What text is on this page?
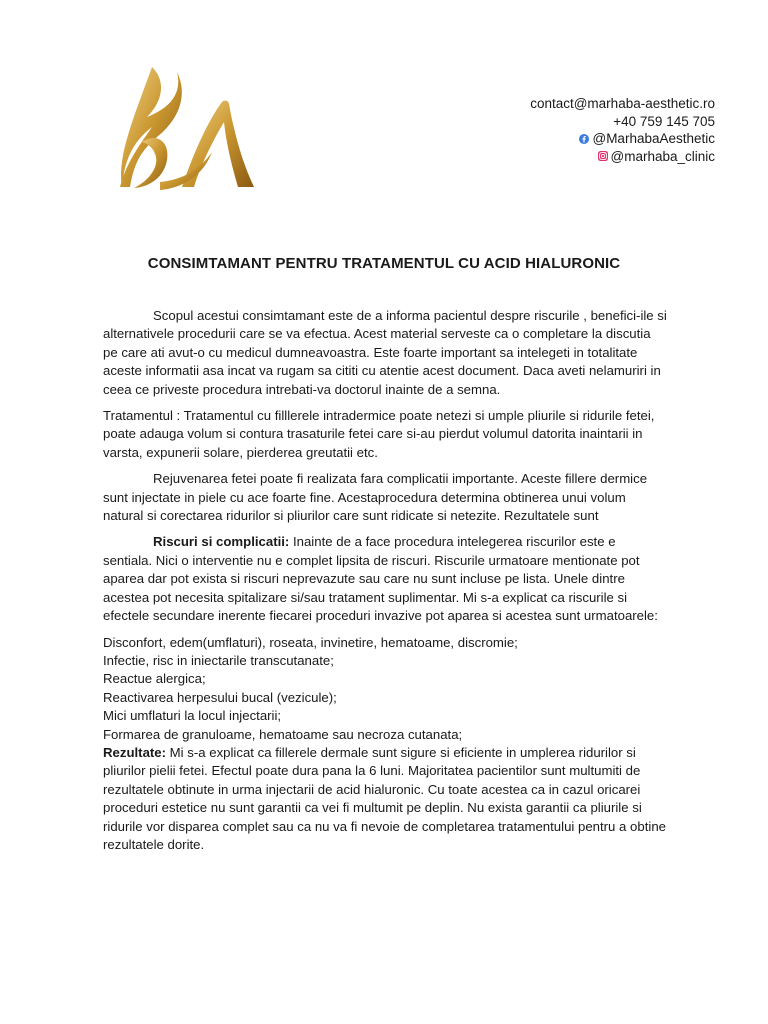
contact@marhaba-aesthetic.ro
+40 759 145 705
@MarhabaAesthetic
@marhaba_clinic
CONSIMTAMANT PENTRU TRATAMENTUL CU ACID HIALURONIC

Scopul acestui consimtamant este de a informa pacientul despre riscurile , benefici-ile si alternativele procedurii care se va efectua. Acest material serveste ca o completare la discutia pe care ati avut-o cu medicul dumneavoastra. Este foarte important sa intelegeti in totalitate aceste informatii asa incat va rugam sa cititi cu atentie acest document. Daca aveti nelamuriri in ceea ce priveste procedura intrebati-va doctorul inainte de a semna.

Tratamentul : Tratamentul cu filllerele intradermice poate netezi si umple pliurile si ridurile fetei, poate adauga volum si contura trasaturile fetei care si-au pierdut volumul datorita inaintarii in varsta, expunerii solare, pierderea greutatii etc.

Rejuvenarea fetei poate fi realizata fara complicatii importante. Aceste fillere dermice sunt injectate in piele cu ace foarte fine. Acestaprocedura determina obtinerea unui volum natural si corectarea ridurilor si pliurilor care sunt ridicate si netezite. Rezultatele sunt

Riscuri si complicatii: Inainte de a face procedura intelegerea riscurilor este e sentiala. Nici o interventie nu e complet lipsita de riscuri. Riscurile urmatoare mentionate pot aparea dar pot exista si riscuri neprevazute sau care nu sunt incluse pe lista. Unele dintre acestea pot necesita spitalizare si/sau tratament suplimentar. Mi s-a explicat ca riscurile si efectele secundare inerente fiecarei proceduri invazive pot aparea si acestea sunt urmatoarele:

Disconfort, edem(umflaturi), roseata, invinetire, hematoame, discromie;
Infectie, risc in iniectarile transcutanate;
Reactue alergica;
Reactivarea herpesului bucal (vezicule);
Mici umflaturi la locul injectarii;
Formarea de granuloame, hematoame sau necroza cutanata;

Rezultate: Mi s-a explicat ca fillerele dermale sunt sigure si eficiente in umplerea ridurilor si pliurilor pielii fetei. Efectul poate dura pana la 6 luni. Majoritatea pacientilor sunt multumiti de rezultatele obtinute in urma injectarii de acid hialuronic. Cu toate acestea ca in cazul oricarei proceduri estetice nu sunt garantii ca vei fi multumit pe deplin. Nu exista garantii ca pliurile si ridurile vor disparea complet sau ca nu va fi nevoie de completarea tratamentului pentru a obtine rezultatele dorite.
